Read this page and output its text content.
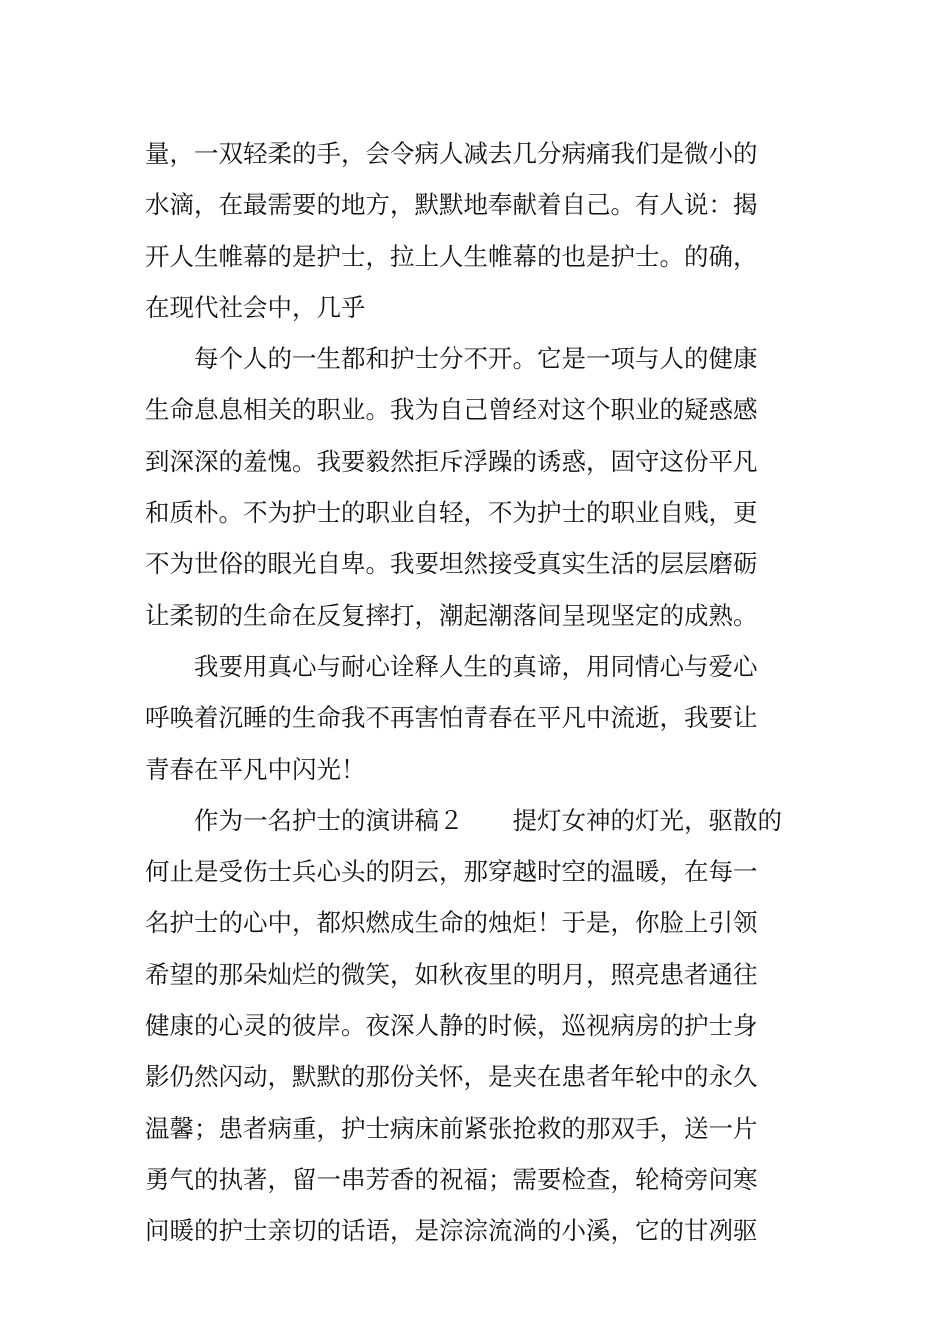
量，一双轻柔的手，会令病人减去几分病痛我们是微小的
水滴，在最需要的地方，默默地奉献着自己。有人说：揭
开人生帷幕的是护士，拉上人生帷幕的也是护士。的确，
在现代社会中，几乎
　　每个人的一生都和护士分不开。它是一项与人的健康
生命息息相关的职业。我为自己曾经对这个职业的疑惑感
到深深的羞愧。我要毅然拒斥浮躁的诱惑，固守这份平凡
和质朴。不为护士的职业自轻，不为护士的职业自贱，更
不为世俗的眼光自卑。我要坦然接受真实生活的层层磨砺
让柔韧的生命在反复摔打，潮起潮落间呈现坚定的成熟。
　　我要用真心与耐心诠释人生的真谛，用同情心与爱心
呼唤着沉睡的生命我不再害怕青春在平凡中流逝，我要让
青春在平凡中闪光！
　　作为一名护士的演讲稿２　　提灯女神的灯光，驱散的
何止是受伤士兵心头的阴云，那穿越时空的温暖，在每一
名护士的心中，都炽燃成生命的烛炬！于是，你脸上引领
希望的那朵灿烂的微笑，如秋夜里的明月，照亮患者通往
健康的心灵的彼岸。夜深人静的时候，巡视病房的护士身
影仍然闪动，默默的那份关怀，是夹在患者年轮中的永久
温馨；患者病重，护士病床前紧张抢救的那双手，送一片
勇气的执著，留一串芳香的祝福；需要检查，轮椅旁问寒
问暖的护士亲切的话语，是淙淙流淌的小溪，它的甘冽驱
